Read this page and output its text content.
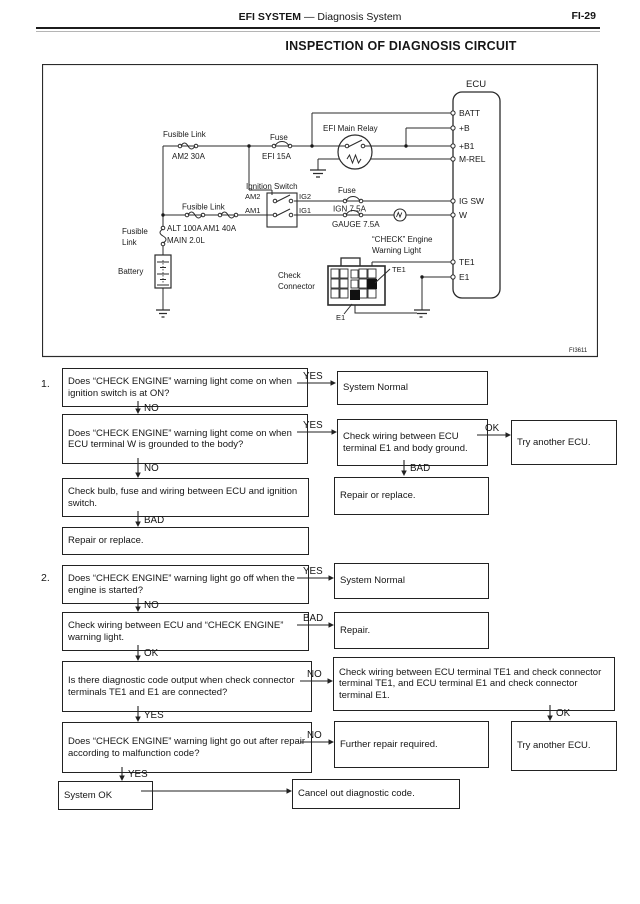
EFI SYSTEM — Diagnosis System	FI-29
INSPECTION OF DIAGNOSIS CIRCUIT
ECU
BATT
+B
+B1
M-REL
IG SW
W
TE1
E1
Fusible Link
AM2 30A
Fuse
EFI 15A
EFI Main Relay
Ignition Switch
AM2	IG2
AM1	IG1
Fuse
IGN 7.5A
GAUGE 7.5A
Fusible Link
ALT 100A AM1 40A
MAIN 2.0L
Fusible
Link
Battery
“CHECK” Engine
Warning Light
Check
Connector
TE1
E1
FI3611
1.
2.
Does “CHECK ENGINE” warning light come on when ignition switch is at ON?	System Normal
Does “CHECK ENGINE” warning light come on when ECU terminal W is grounded to the body?
Check wiring between ECU terminal E1 and body ground.
Try another ECU.
Repair or replace.
Check bulb, fuse and wiring between ECU and ignition switch.
Repair or replace.
Does “CHECK ENGINE” warning light go off when the engine is started?
System Normal
Check wiring between ECU and “CHECK ENGINE” warning light.
Repair.
Is there diagnostic code output when check connector terminals TE1 and E1 are connected?
Check wiring between ECU terminal TE1 and check connector terminal TE1, and ECU terminal E1 and check connector terminal E1.
Try another ECU.
Does “CHECK ENGINE” warning light go out after repair according to malfunction code?
Further repair required.
System OK	Cancel out diagnostic code.
YES
NO
YES	OK
BAD
NO
BAD
YES
NO
BAD
OK
NO
YES	OK
NO
YES
